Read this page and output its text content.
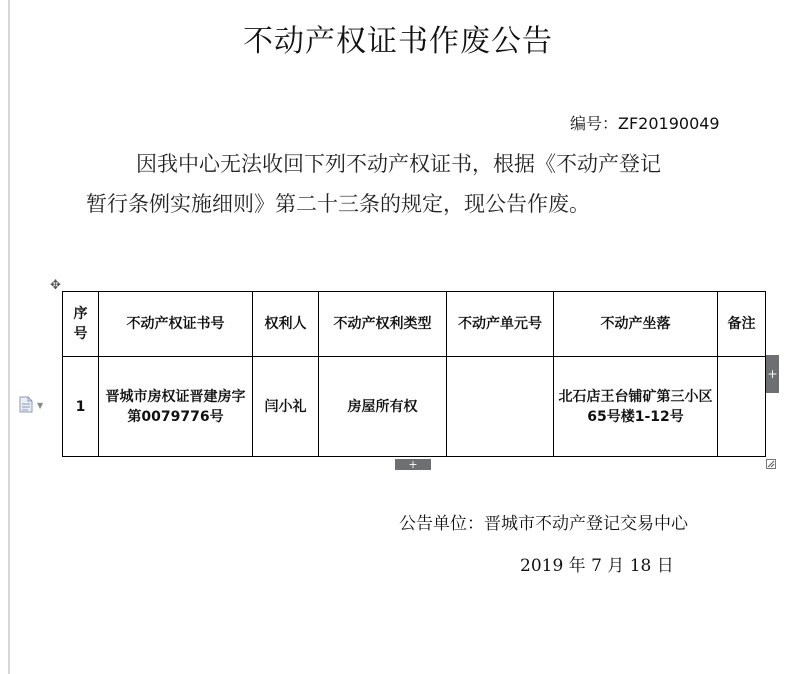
不动产权证书作废公告
编号：ZF20190049
因我中心无法收回下列不动产权证书，根据《不动产登记
暂行条例实施细则》第二十三条的规定，现公告作废。
✥
序号	不动产权证书号	权利人	不动产权利类型	不动产单元号	不动产坐落	备注
1	晋城市房权证晋建房字第0079776号	闫小礼	房屋所有权		北石店王台铺矿第三小区65号楼1-12号	
▼
+
+
公告单位：晋城市不动产登记交易中心
2019 年 7 月 18 日
